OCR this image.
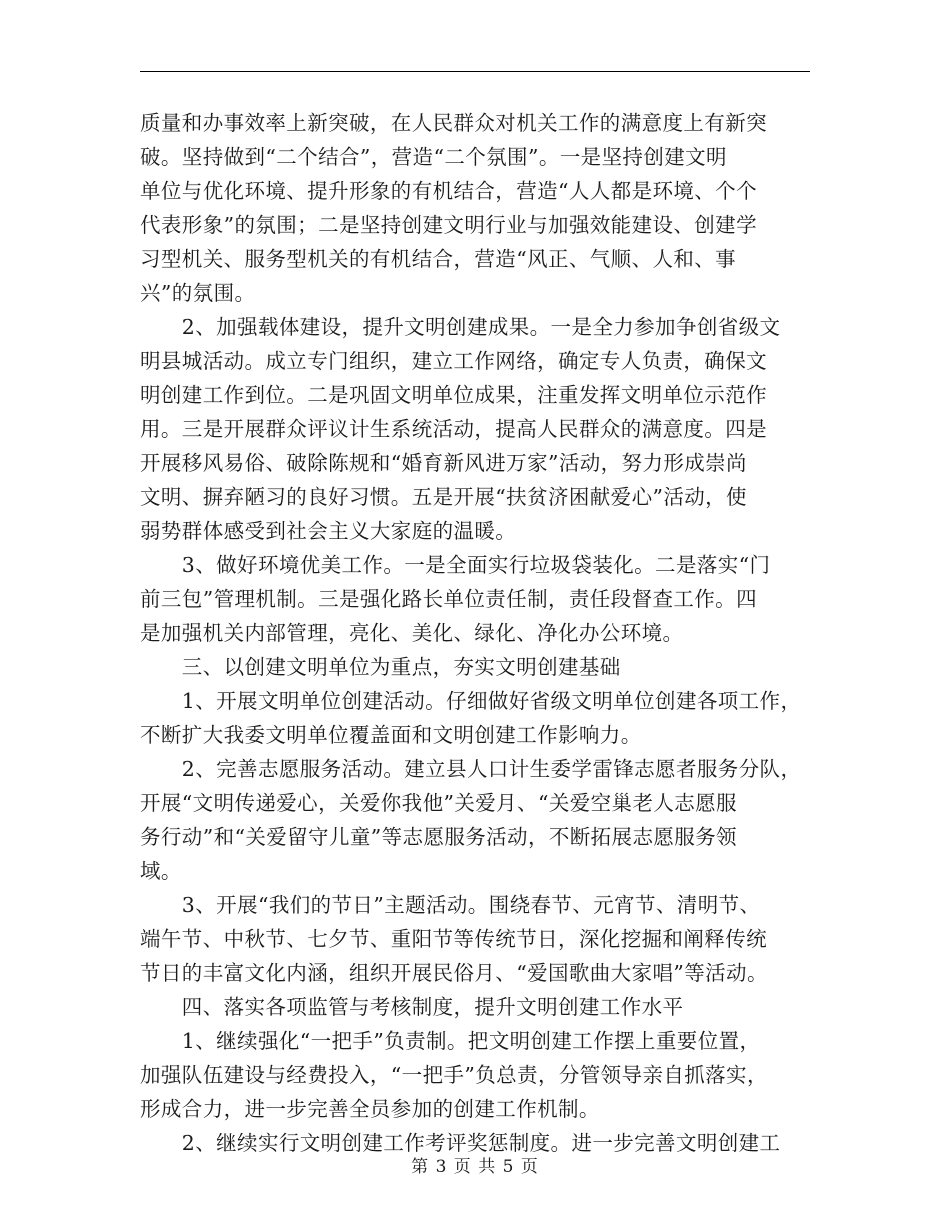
质量和办事效率上新突破，在人民群众对机关工作的满意度上有新突
破。坚持做到“二个结合”，营造“二个氛围”。一是坚持创建文明
单位与优化环境、提升形象的有机结合，营造“人人都是环境、个个
代表形象”的氛围；二是坚持创建文明行业与加强效能建设、创建学
习型机关、服务型机关的有机结合，营造“风正、气顺、人和、事
兴”的氛围。
　　2、加强载体建设，提升文明创建成果。一是全力参加争创省级文
明县城活动。成立专门组织，建立工作网络，确定专人负责，确保文
明创建工作到位。二是巩固文明单位成果，注重发挥文明单位示范作
用。三是开展群众评议计生系统活动，提高人民群众的满意度。四是
开展移风易俗、破除陈规和“婚育新风进万家”活动，努力形成崇尚
文明、摒弃陋习的良好习惯。五是开展“扶贫济困献爱心”活动，使
弱势群体感受到社会主义大家庭的温暖。
　　3、做好环境优美工作。一是全面实行垃圾袋装化。二是落实“门
前三包”管理机制。三是强化路长单位责任制，责任段督查工作。四
是加强机关内部管理，亮化、美化、绿化、净化办公环境。
　　三、以创建文明单位为重点，夯实文明创建基础
　　1、开展文明单位创建活动。仔细做好省级文明单位创建各项工作，
不断扩大我委文明单位覆盖面和文明创建工作影响力。
　　2、完善志愿服务活动。建立县人口计生委学雷锋志愿者服务分队，
开展“文明传递爱心，关爱你我他”关爱月、“关爱空巢老人志愿服
务行动”和“关爱留守儿童”等志愿服务活动，不断拓展志愿服务领
域。
　　3、开展“我们的节日”主题活动。围绕春节、元宵节、清明节、
端午节、中秋节、七夕节、重阳节等传统节日，深化挖掘和阐释传统
节日的丰富文化内涵，组织开展民俗月、“爱国歌曲大家唱”等活动。
　　四、落实各项监管与考核制度，提升文明创建工作水平
　　1、继续强化“一把手”负责制。把文明创建工作摆上重要位置，
加强队伍建设与经费投入，“一把手”负总责，分管领导亲自抓落实，
形成合力，进一步完善全员参加的创建工作机制。
　　2、继续实行文明创建工作考评奖惩制度。进一步完善文明创建工
第 3 页 共 5 页
